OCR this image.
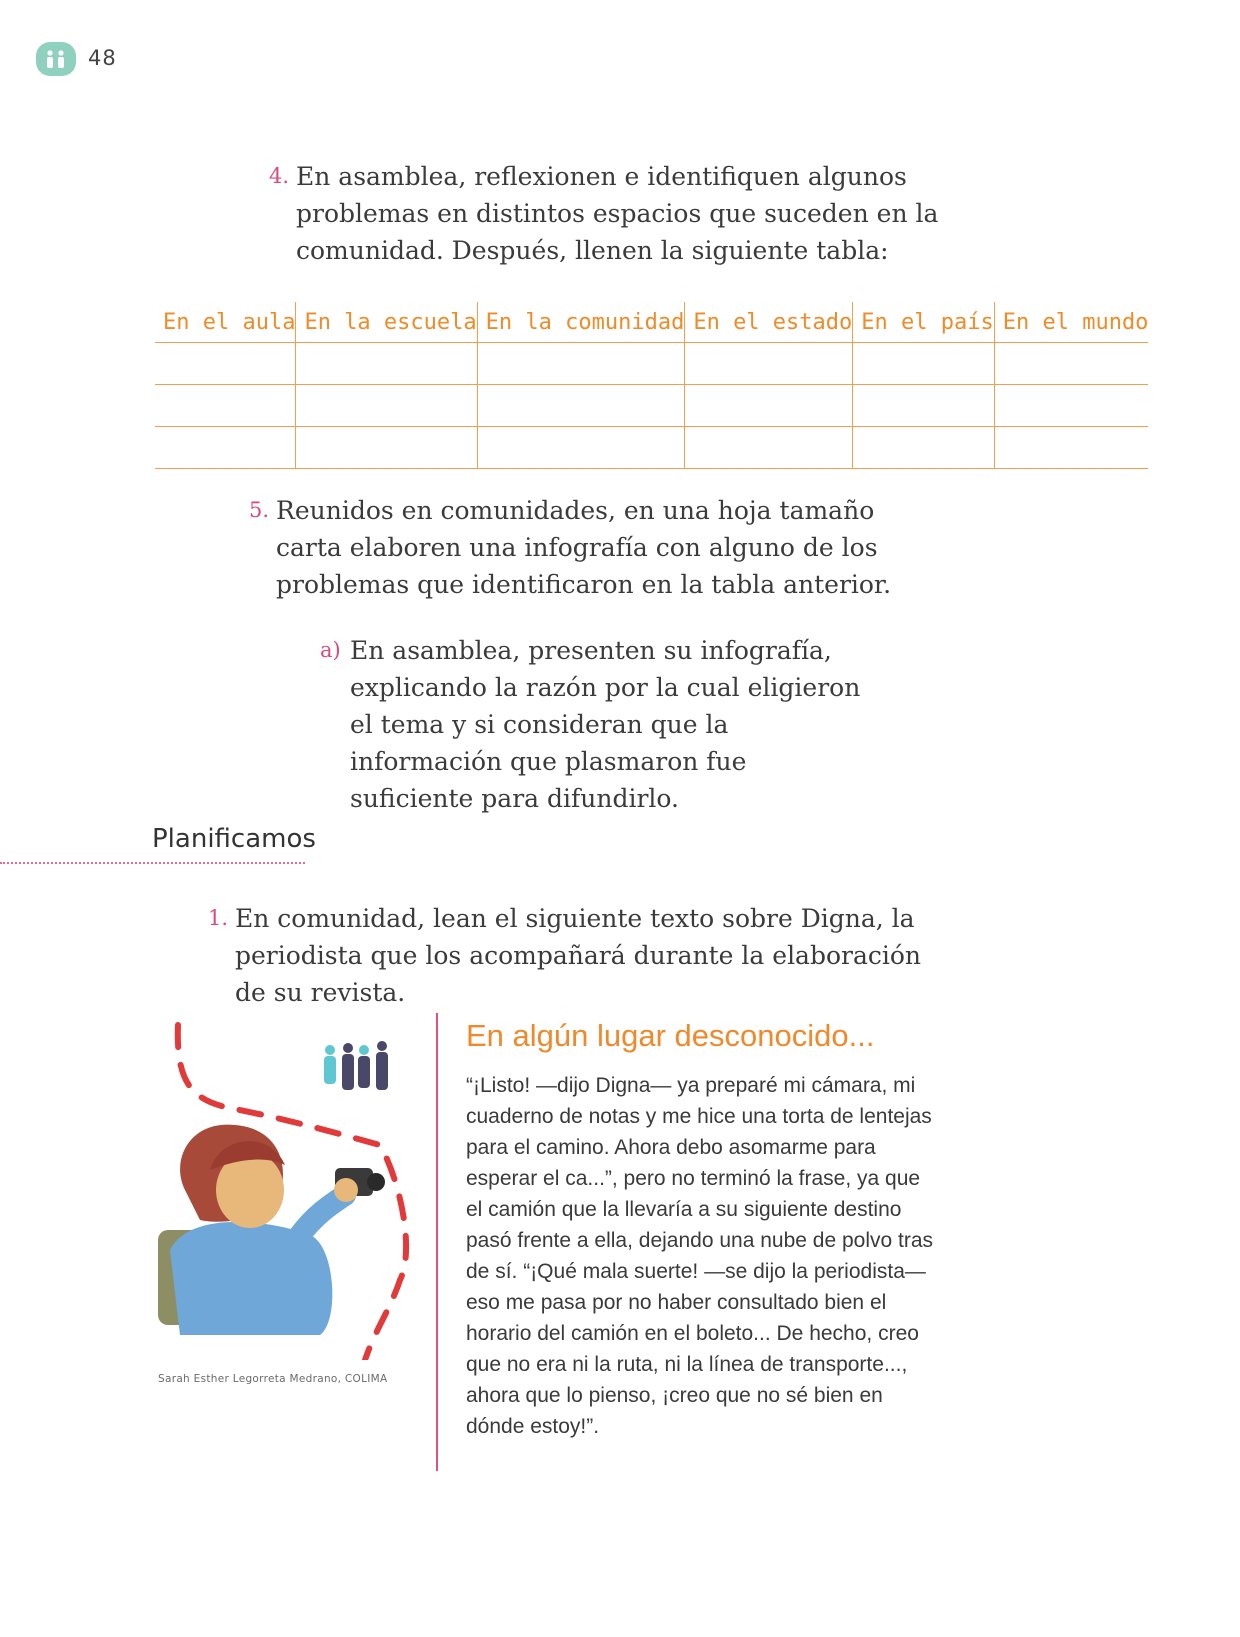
48
4. En asamblea, reflexionen e identifiquen algunos problemas en distintos espacios que suceden en la comunidad. Después, llenen la siguiente tabla:
En el aula	En la escuela	En la comunidad	En el estado	En el país	En el mundo

5. Reunidos en comunidades, en una hoja tamaño carta elaboren una infografía con alguno de los problemas que identificaron en la tabla anterior.
a) En asamblea, presenten su infografía, explicando la razón por la cual eligieron el tema y si consideran que la información que plasmaron fue suficiente para difundirlo.
Planificamos
1. En comunidad, lean el siguiente texto sobre Digna, la periodista que los acompañará durante la elaboración de su revista.
Sarah Esther Legorreta Medrano, COLIMA
En algún lugar desconocido...
“¡Listo! —dijo Digna— ya preparé mi cámara, mi cuaderno de notas y me hice una torta de lentejas para el camino. Ahora debo asomarme para esperar el ca...”, pero no terminó la frase, ya que el camión que la llevaría a su siguiente destino pasó frente a ella, dejando una nube de polvo tras de sí. “¡Qué mala suerte! —se dijo la periodista— eso me pasa por no haber consultado bien el horario del camión en el boleto... De hecho, creo que no era ni la ruta, ni la línea de transporte..., ahora que lo pienso, ¡creo que no sé bien en dónde estoy!”.
